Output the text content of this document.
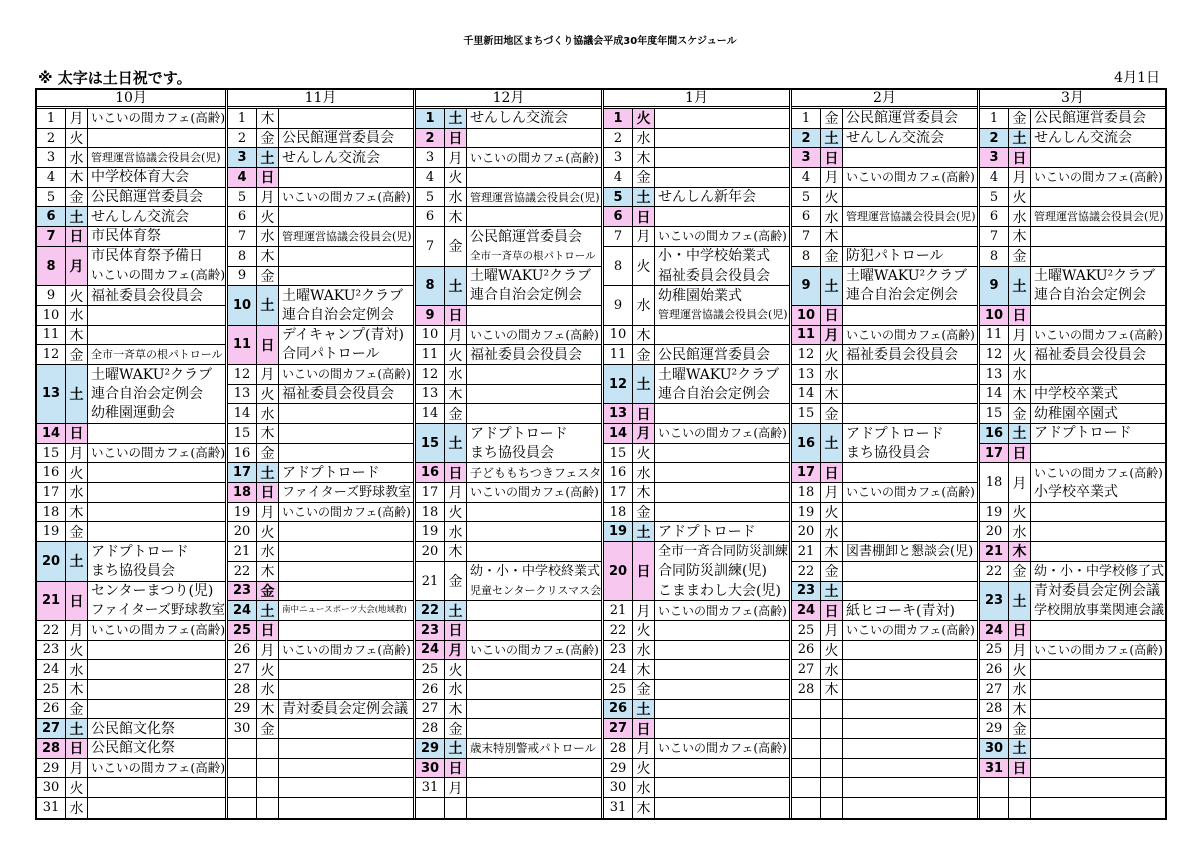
千里新田地区まちづくり協議会平成30年度年間スケジュール
※ 太字は土日祝です。	4月1日
10月
1	月 いこいの間カフェ(高齢)
2	火
3	水 管理運営協議会役員会(児)
4	木 中学校体育大会
5	金 公民館運営委員会
6 土 せんしん交流会
7 日 市民体育祭
8 月
市民体育祭予備日
いこいの間カフェ(高齢)
9	火 福祉委員会役員会
10 水
11 木
12 金 全市一斉草の根パトロール
13 土
土曜WAKU²クラブ
連合自治会定例会
幼稚園運動会
14 日
15 月 いこいの間カフェ(高齢)
16 火
17 水
18 木
19 金
20 土
アドプトロード
まち協役員会
21 日
センターまつり(児)
ファイターズ野球教室
22 月 いこいの間カフェ(高齢)
23 火
24 水
25 木
26 金
27 土 公民館文化祭
28 日 公民館文化祭
29 月 いこいの間カフェ(高齢)
30 火
31 水
11月
1	木
2	金 公民館運営委員会
3 土 せんしん交流会
4 日
5	月 いこいの間カフェ(高齢)
6	火
7	水 管理運営協議会役員会(児)
8	木
9	金
10 土
土曜WAKU²クラブ
連合自治会定例会
11 日
デイキャンプ(青対)
合同パトロール
12 月 いこいの間カフェ(高齢)
13 火 福祉委員会役員会
14 水
15 木
16 金
17 土 アドプトロード
18 日 ファイターズ野球教室
19 月 いこいの間カフェ(高齢)
20 火
21 水
22 木
23 金
24 土 南中ニュースポーツ大会(地域教)
25 日
26 月 いこいの間カフェ(高齢)
27 火
28 水
29 木 青対委員会定例会議
30 金
12月
1 土 せんしん交流会
2 日
3	月 いこいの間カフェ(高齢)
4	火
5	水 管理運営協議会役員会(児)
6	木
7	金
公民館運営委員会
全市一斉草の根パトロール
8 土
土曜WAKU²クラブ
連合自治会定例会
9 日
10 月 いこいの間カフェ(高齢)
11 火 福祉委員会役員会
12 水
13 木
14 金
15 土
アドプトロード
まち協役員会
16 日 子どももちつきフェスタ
17 月 いこいの間カフェ(高齢)
18 火
19 水
20 木
21 金
幼・小・中学校終業式
児童センタークリスマス会
22 土
23 日
24 月 いこいの間カフェ(高齢)
25 火
26 水
27 木
28 金
29 土 歳末特別警戒パトロール
30 日
31 月
1月
1 火
2	水
3	木
4	金
5 土 せんしん新年会
6 日
7	月 いこいの間カフェ(高齢)
8	火
小・中学校始業式
福祉委員会役員会
9	水
幼稚園始業式
管理運営協議会役員会(児)
10 木
11 金 公民館運営委員会
12 土
土曜WAKU²クラブ
連合自治会定例会
13 日
14 月 いこいの間カフェ(高齢)
15 火
16 水
17 木
18 金
19 土 アドプトロード
20 日
全市一斉合同防災訓練
合同防災訓練(児)
こままわし大会(児)
21 月 いこいの間カフェ(高齢)
22 火
23 水
24 木
25 金
26 土
27 日
28 月 いこいの間カフェ(高齢)
29 火
30 水
31 木
2月
1	金 公民館運営委員会
2 土 せんしん交流会
3 日
4	月 いこいの間カフェ(高齢)
5	火
6	水 管理運営協議会役員会(児)
7	木
8	金 防犯パトロール
9 土
土曜WAKU²クラブ
連合自治会定例会
10 日
11 月 いこいの間カフェ(高齢)
12 火 福祉委員会役員会
13 水
14 木
15 金
16 土
アドプトロード
まち協役員会
17 日
18 月 いこいの間カフェ(高齢)
19 火
20 水
21 木 図書棚卸と懇談会(児)
22 金
23 土
24 日 紙ヒコーキ(青対)
25 月 いこいの間カフェ(高齢)
26 火
27 水
28 木
3月
1	金 公民館運営委員会
2 土 せんしん交流会
3 日
4	月 いこいの間カフェ(高齢)
5	火
6	水 管理運営協議会役員会(児)
7	木
8	金
9 土
土曜WAKU²クラブ
連合自治会定例会
10 日
11 月 いこいの間カフェ(高齢)
12 火 福祉委員会役員会
13 水
14 木 中学校卒業式
15 金 幼稚園卒園式
16 土 アドプトロード
17 日
18 月
いこいの間カフェ(高齢)
小学校卒業式
19 火
20 水
21 木
22 金 幼・小・中学校修了式
23 土
青対委員会定例会議
学校開放事業関連会議
24 日
25 月 いこいの間カフェ(高齢)
26 火
27 水
28 木
29 金
30 土
31 日
